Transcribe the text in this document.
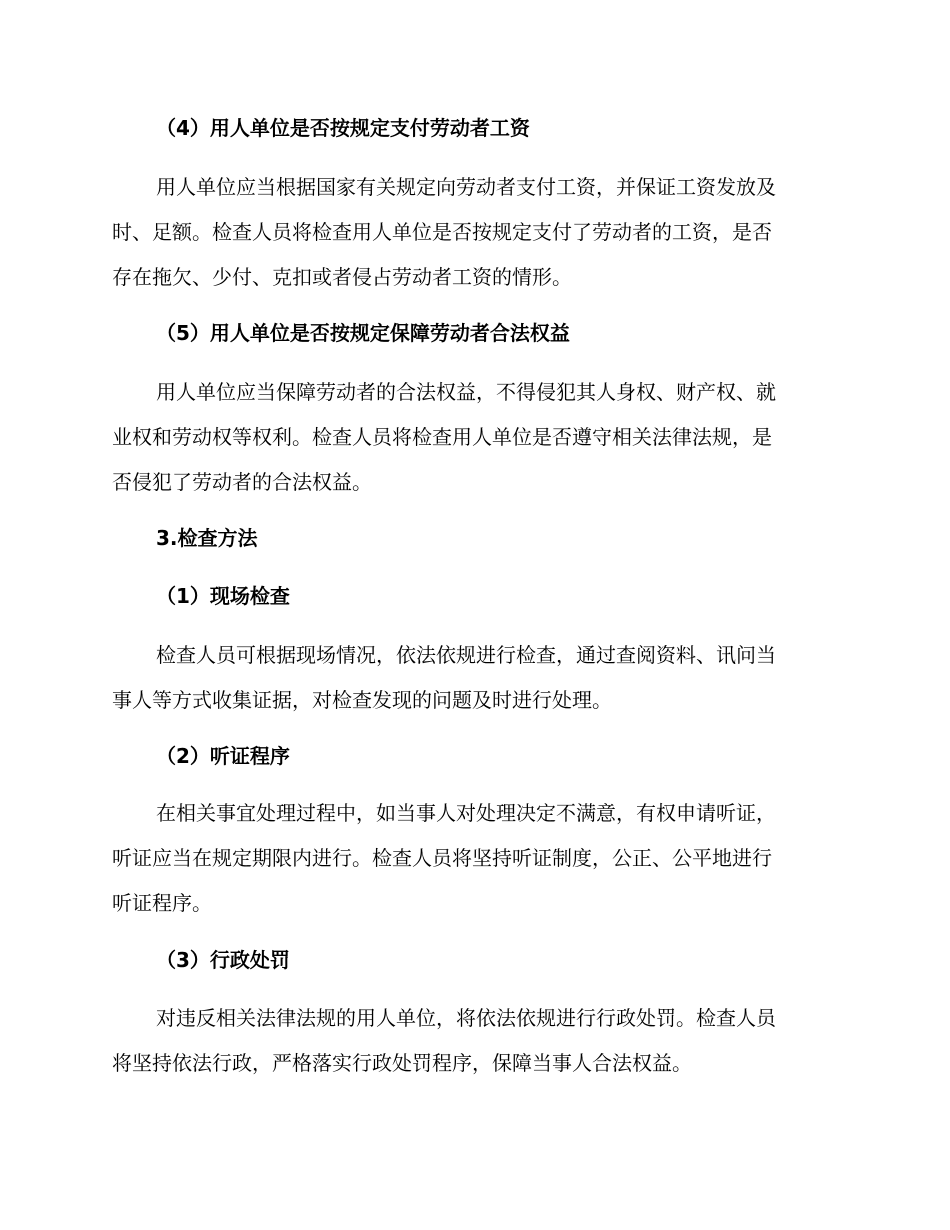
（4）用人单位是否按规定支付劳动者工资
用人单位应当根据国家有关规定向劳动者支付工资，并保证工资发放及
时、足额。检查人员将检查用人单位是否按规定支付了劳动者的工资，是否
存在拖欠、少付、克扣或者侵占劳动者工资的情形。
（5）用人单位是否按规定保障劳动者合法权益
用人单位应当保障劳动者的合法权益，不得侵犯其人身权、财产权、就
业权和劳动权等权利。检查人员将检查用人单位是否遵守相关法律法规，是
否侵犯了劳动者的合法权益。
3.检查方法
（1）现场检查
检查人员可根据现场情况，依法依规进行检查，通过查阅资料、讯问当
事人等方式收集证据，对检查发现的问题及时进行处理。
（2）听证程序
在相关事宜处理过程中，如当事人对处理决定不满意，有权申请听证，
听证应当在规定期限内进行。检查人员将坚持听证制度，公正、公平地进行
听证程序。
（3）行政处罚
对违反相关法律法规的用人单位，将依法依规进行行政处罚。检查人员
将坚持依法行政，严格落实行政处罚程序，保障当事人合法权益。
